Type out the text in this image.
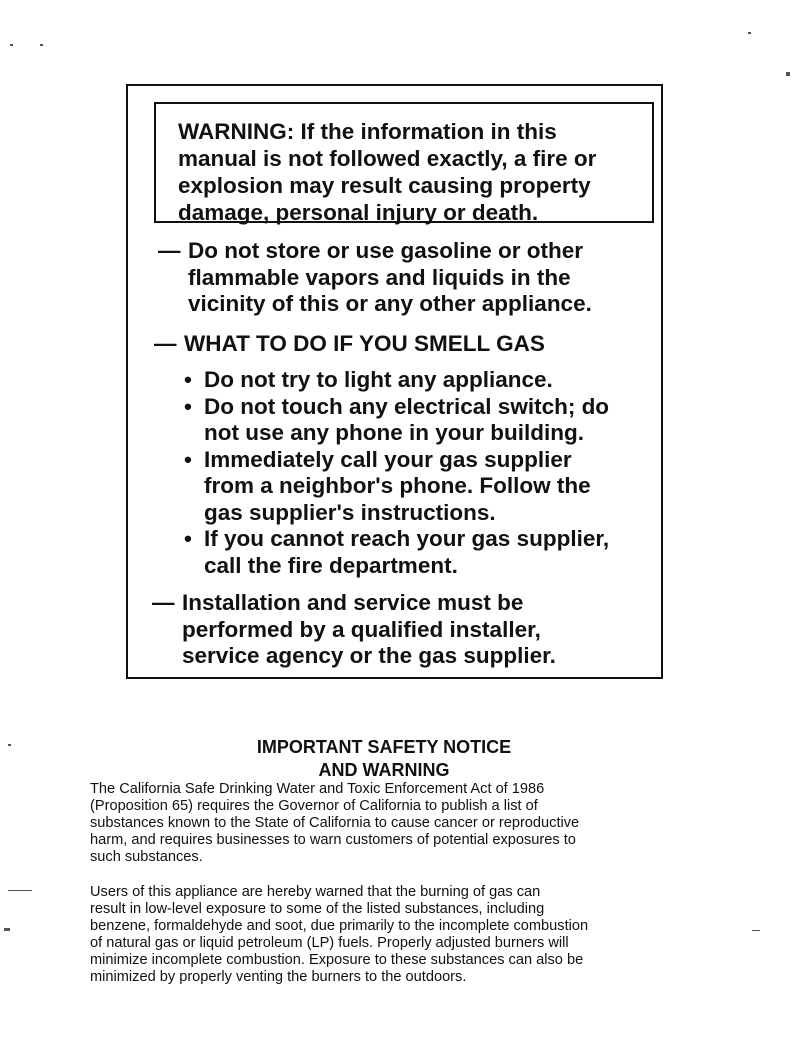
WARNING: If the information in this
manual is not followed exactly, a fire or
explosion may result causing property
damage, personal injury or death.

— Do not store or use gasoline or other
flammable vapors and liquids in the
vicinity of this or any other appliance.
— WHAT TO DO IF YOU SMELL GAS
• Do not try to light any appliance.
• Do not touch any electrical switch; do
not use any phone in your building.
• Immediately call your gas supplier
from a neighbor's phone. Follow the
gas supplier's instructions.
• If you cannot reach your gas supplier,
call the fire department.
— Installation and service must be
performed by a qualified installer,
service agency or the gas supplier.
IMPORTANT SAFETY NOTICE
AND WARNING

The California Safe Drinking Water and Toxic Enforcement Act of 1986
(Proposition 65) requires the Governor of California to publish a list of
substances known to the State of California to cause cancer or reproductive
harm, and requires businesses to warn customers of potential exposures to
such substances.

Users of this appliance are hereby warned that the burning of gas can
result in low-level exposure to some of the listed substances, including
benzene, formaldehyde and soot, due primarily to the incomplete combustion
of natural gas or liquid petroleum (LP) fuels. Properly adjusted burners will
minimize incomplete combustion. Exposure to these substances can also be
minimized by properly venting the burners to the outdoors.
